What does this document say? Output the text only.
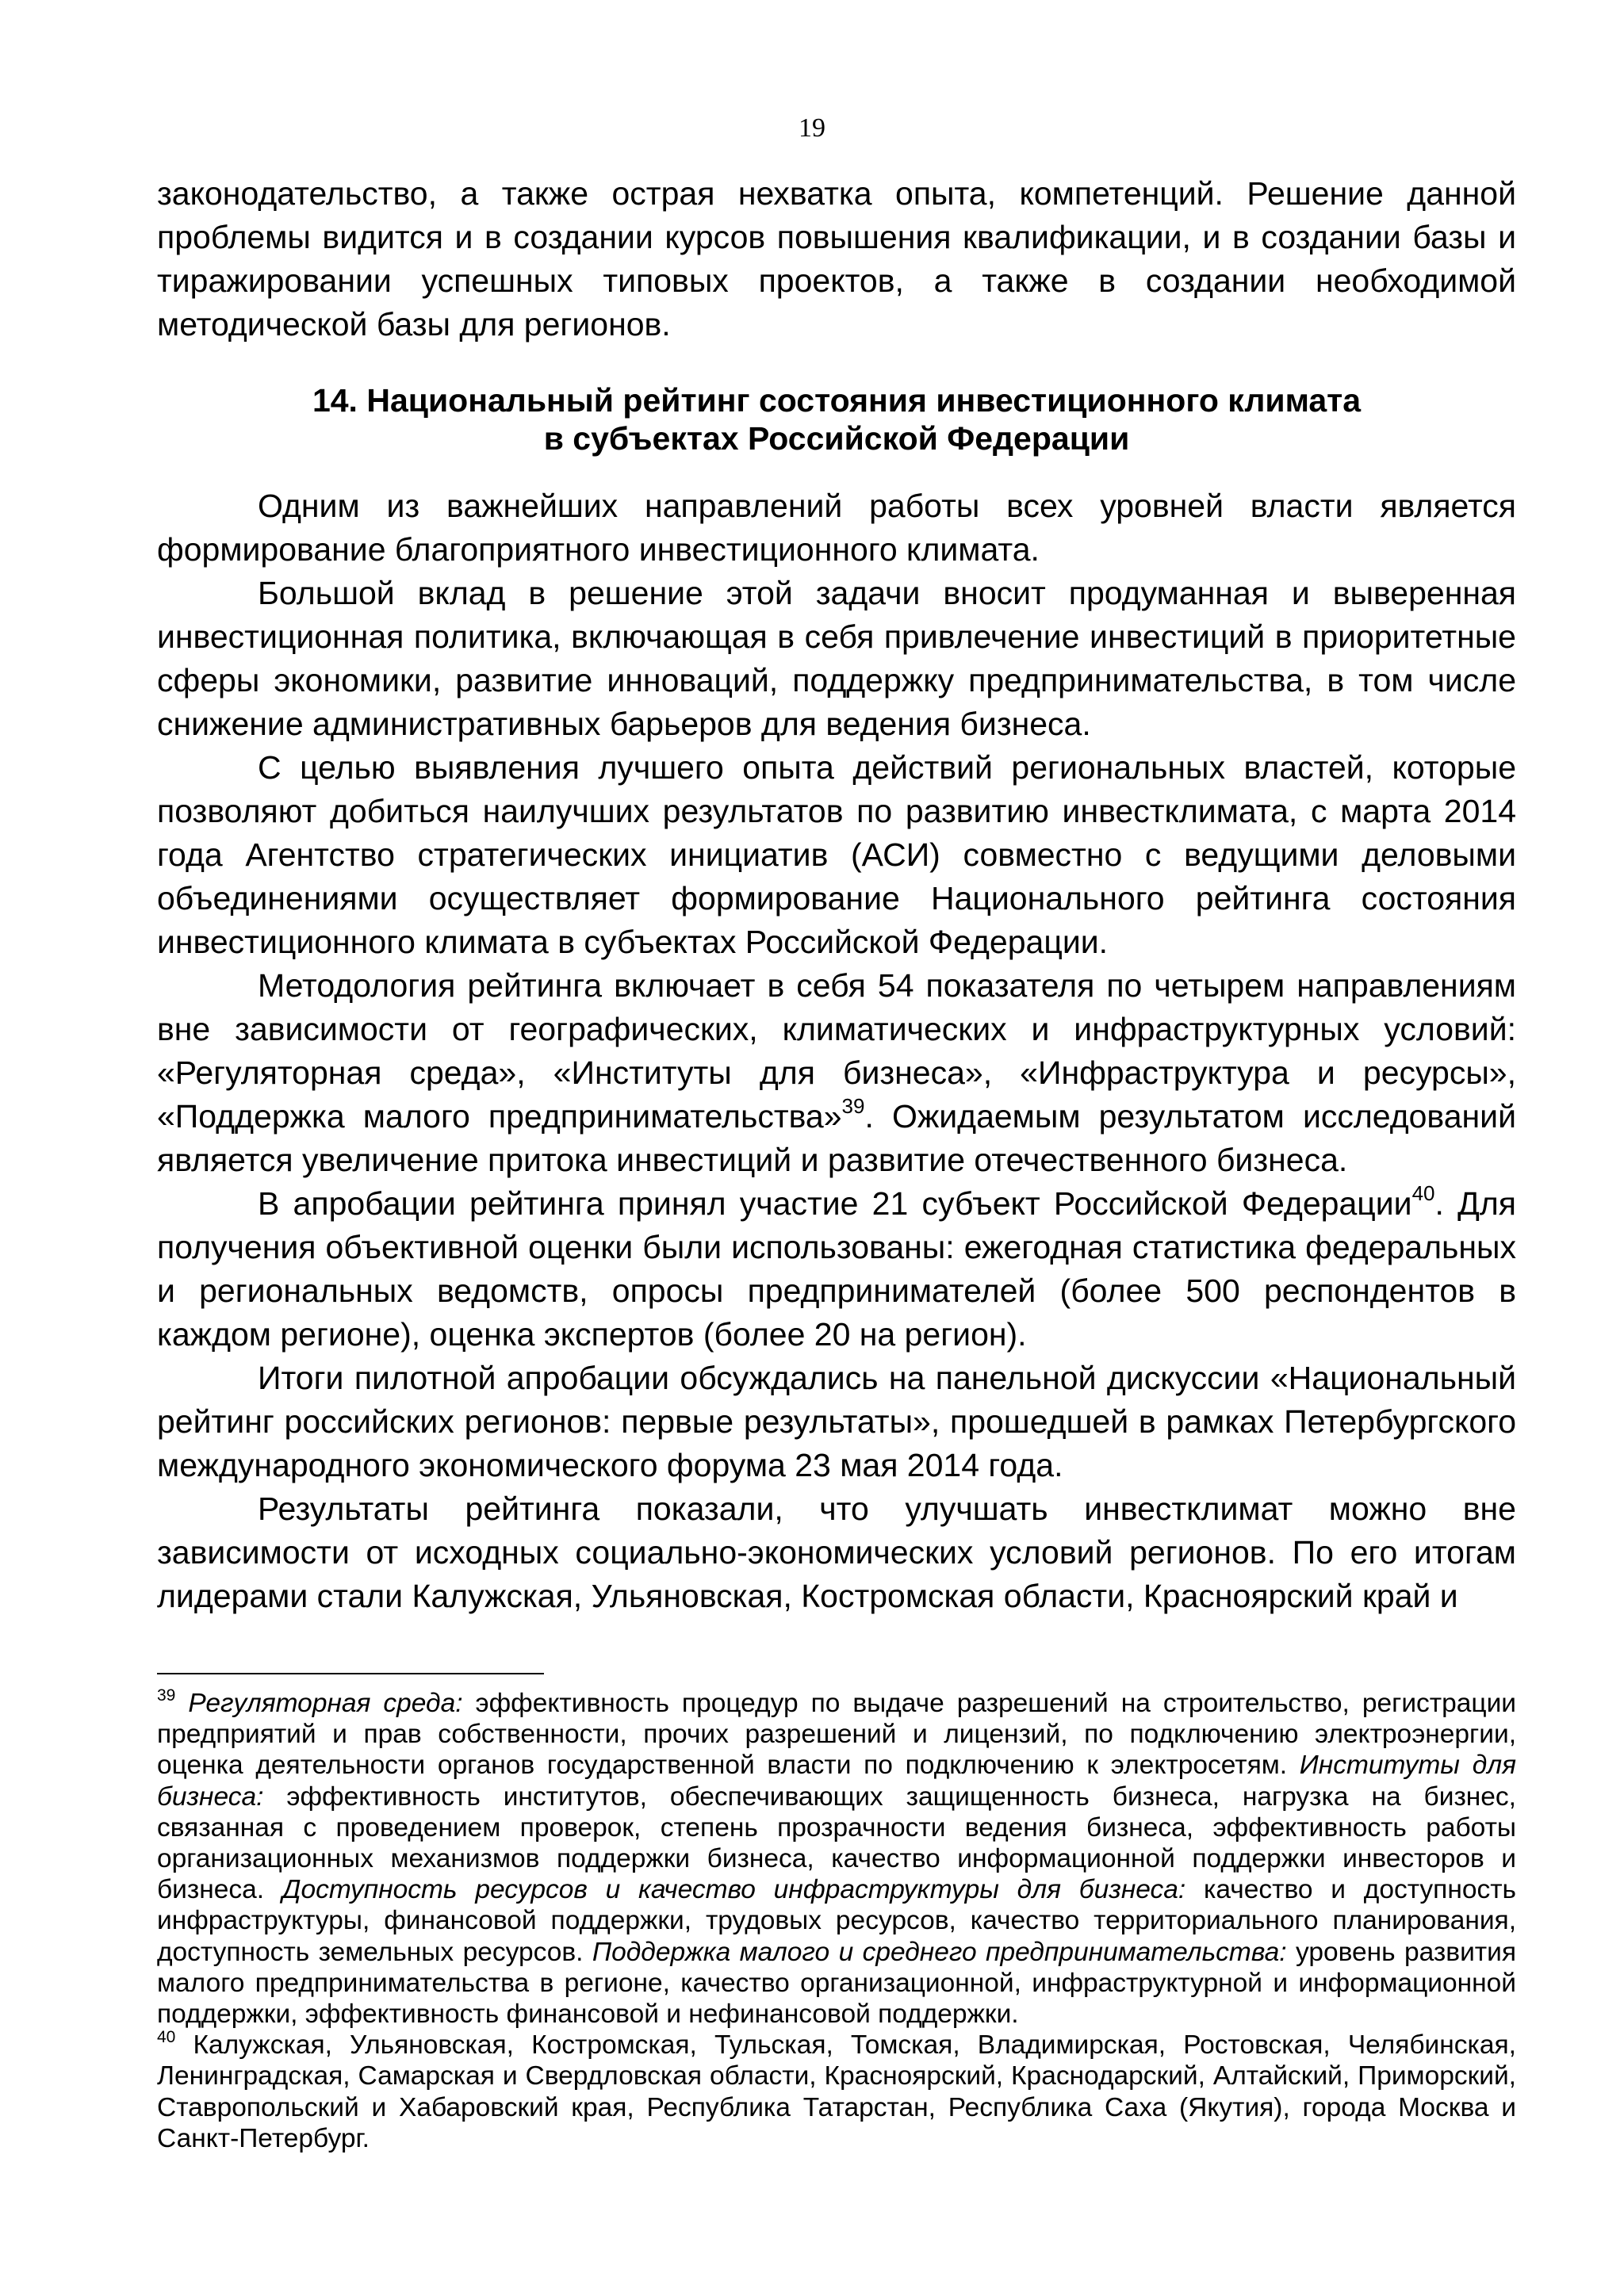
19

законодательство, а также острая нехватка опыта, компетенций. Решение данной проблемы видится и в создании курсов повышения квалификации, и в создании базы и тиражировании успешных типовых проектов, а также в создании необходимой методической базы для регионов.

14. Национальный рейтинг состояния инвестиционного климата
в субъектах Российской Федерации

Одним из важнейших направлений работы всех уровней власти является формирование благоприятного инвестиционного климата.

Большой вклад в решение этой задачи вносит продуманная и выверенная инвестиционная политика, включающая в себя привлечение инвестиций в приоритетные сферы экономики, развитие инноваций, поддержку предпринимательства, в том числе снижение административных барьеров для ведения бизнеса.

С целью выявления лучшего опыта действий региональных властей, которые позволяют добиться наилучших результатов по развитию инвестклимата, с марта 2014 года Агентство стратегических инициатив (АСИ) совместно с ведущими деловыми объединениями осуществляет формирование Национального рейтинга состояния инвестиционного климата в субъектах Российской Федерации.

Методология рейтинга включает в себя 54 показателя по четырем направлениям вне зависимости от географических, климатических и инфраструктурных условий: «Регуляторная среда», «Институты для бизнеса», «Инфраструктура и ресурсы», «Поддержка малого предпринимательства»$^{39}$. Ожидаемым результатом исследований является увеличение притока инвестиций и развитие отечественного бизнеса.

В апробации рейтинга принял участие 21 субъект Российской Федерации$^{40}$. Для получения объективной оценки были использованы: ежегодная статистика федеральных и региональных ведомств, опросы предпринимателей (более 500 респондентов в каждом регионе), оценка экспертов (более 20 на регион).

Итоги пилотной апробации обсуждались на панельной дискуссии «Национальный рейтинг российских регионов: первые результаты», прошедшей в рамках Петербургского международного экономического форума 23 мая 2014 года.

Результаты рейтинга показали, что улучшать инвестклимат можно вне зависимости от исходных социально-экономических условий регионов. По его итогам лидерами стали Калужская, Ульяновская, Костромская области, Красноярский край и

$^{39}$ Регуляторная среда: эффективность процедур по выдаче разрешений на строительство, регистрации предприятий и прав собственности, прочих разрешений и лицензий, по подключению электроэнергии, оценка деятельности органов государственной власти по подключению к электросетям. Институты для бизнеса: эффективность институтов, обеспечивающих защищенность бизнеса, нагрузка на бизнес, связанная с проведением проверок, степень прозрачности ведения бизнеса, эффективность работы организационных механизмов поддержки бизнеса, качество информационной поддержки инвесторов и бизнеса. Доступность ресурсов и качество инфраструктуры для бизнеса: качество и доступность инфраструктуры, финансовой поддержки, трудовых ресурсов, качество территориального планирования, доступность земельных ресурсов. Поддержка малого и среднего предпринимательства: уровень развития малого предпринимательства в регионе, качество организационной, инфраструктурной и информационной поддержки, эффективность финансовой и нефинансовой поддержки.

$^{40}$ Калужская, Ульяновская, Костромская, Тульская, Томская, Владимирская, Ростовская, Челябинская, Ленинградская, Самарская и Свердловская области, Красноярский, Краснодарский, Алтайский, Приморский, Ставропольский и Хабаровский края, Республика Татарстан, Республика Саха (Якутия), города Москва и Санкт-Петербург.
